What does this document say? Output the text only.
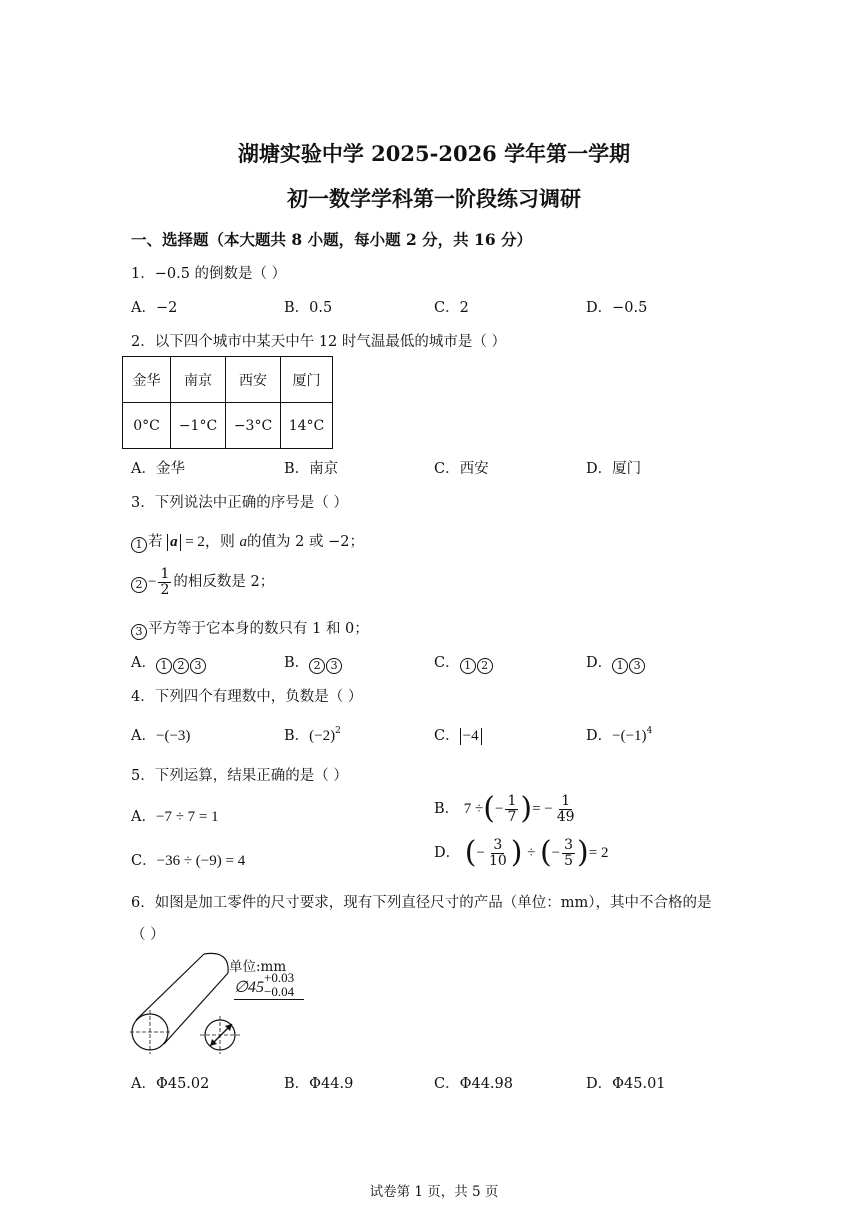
湖塘实验中学 2025-2026 学年第一学期
初一数学学科第一阶段练习调研
一、选择题（本大题共 8 小题，每小题 2 分，共 16 分）
1．−0.5 的倒数是（ ）
A．−2	B．0.5	C．2	D．−0.5
2．以下四个城市中某天中午 12 时气温最低的城市是（ ）
金华	南京	西安	厦门
0°C	−1°C	−3°C	14°C
A．金华	B．南京	C．西安	D．厦门
3．下列说法中正确的序号是（ ）
1 若 a = 2，则 a的值为 2 或 −2；
$2 - \frac{1}{2}$ 的相反数是 2；
3 平方等于它本身的数只有 1 和 0；
A． 1 2 3	B． 2 3	C． 1 2	D． 1 3
4．下列四个有理数中，负数是（ ）
A．−(−3)	B．$(-2)^2$	C． −4	D．$-(-1)^4$
5．下列运算，结果正确的是（ ）
A．−7 ÷ 7 = 1	B． 7 ÷(− $\frac{1}{7}$ )= − $\frac{1}{49}$
C．−36 ÷ (−9) = 4	D． (− $\frac{3}{10}$ ) ÷ (− $\frac{3}{5}$ )= 2
6．如图是加工零件的尺寸要求，现有下列直径尺寸的产品（单位：mm），其中不合格的是
（ ）
单位:mm
∅45
+0.03
−0.04
A．Φ45.02	B．Φ44.9	C．Φ44.98	D．Φ45.01
试卷第 1 页，共 5 页
